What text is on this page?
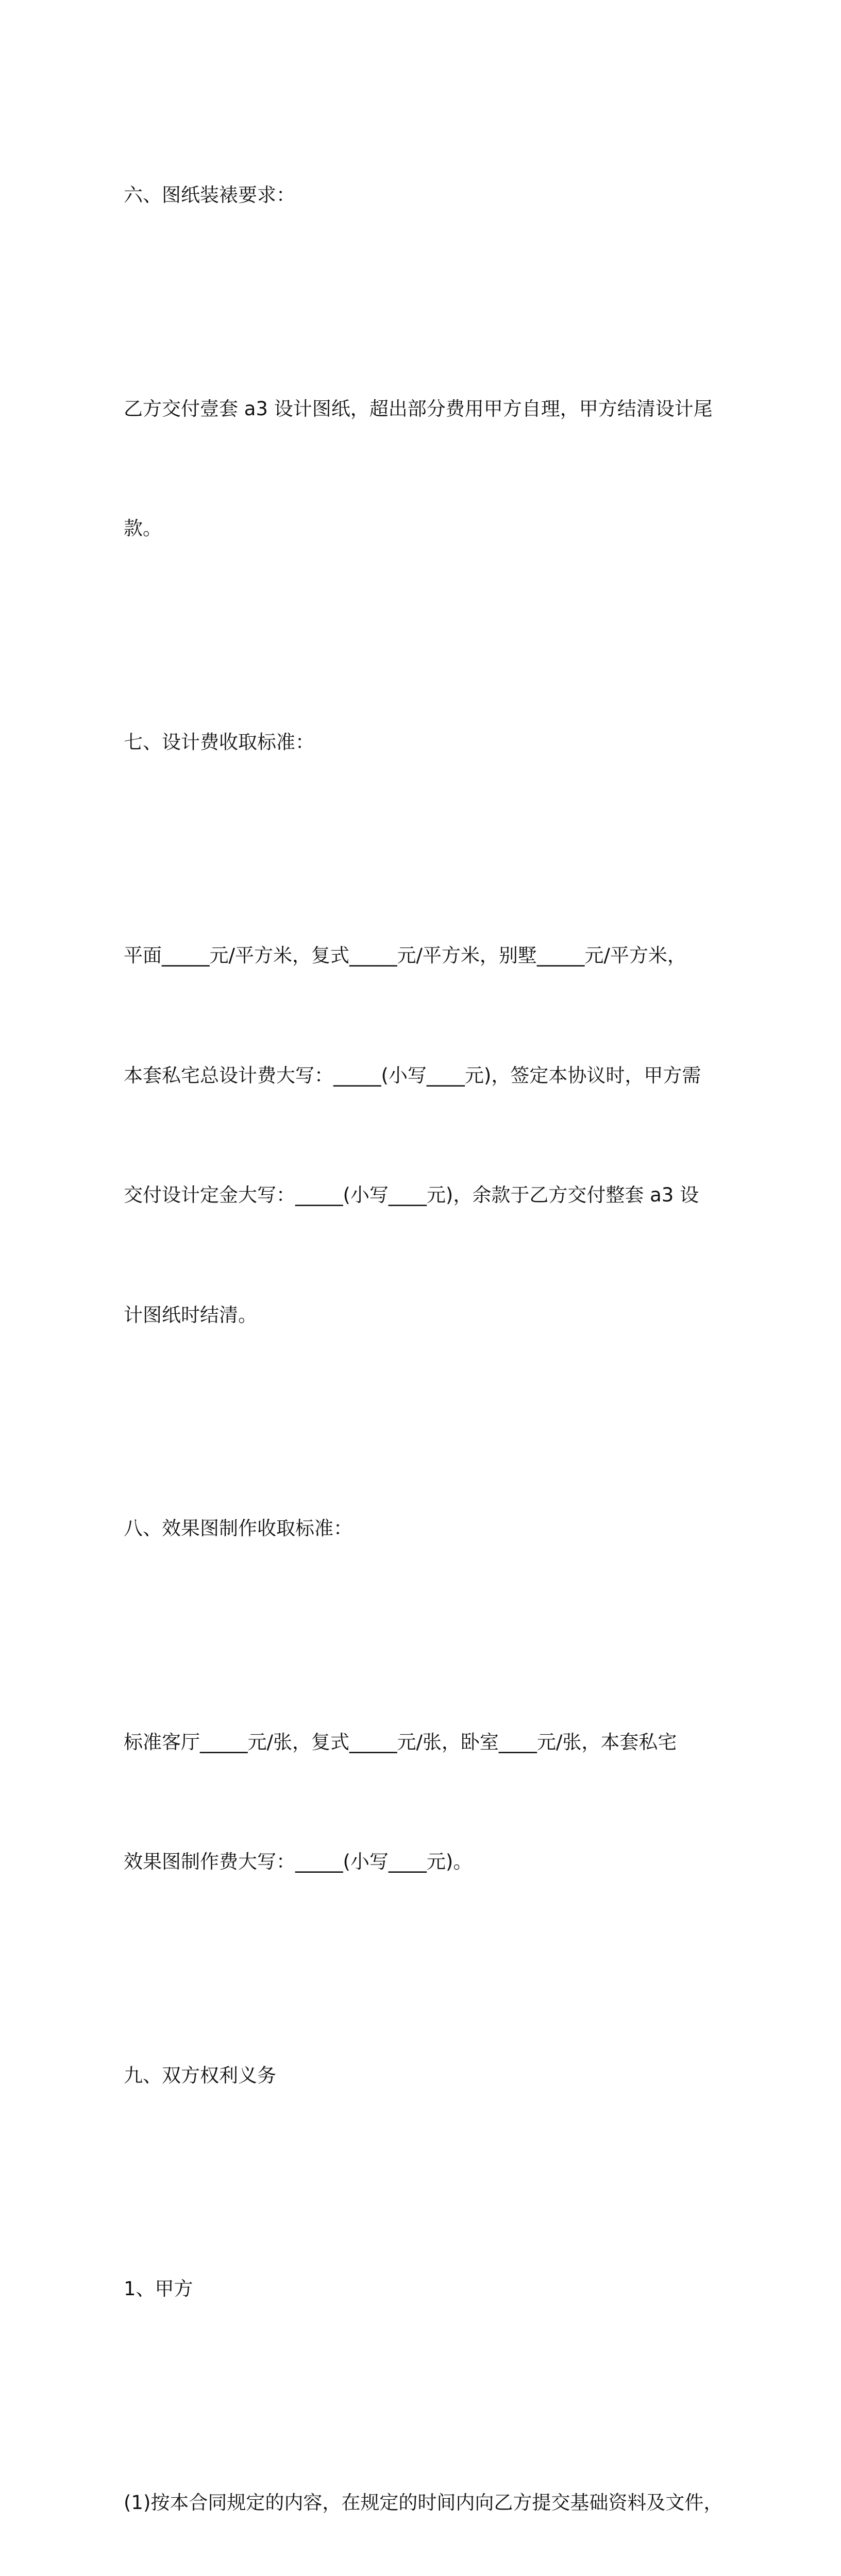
六、图纸装裱要求：

乙方交付壹套 a3 设计图纸，超出部分费用甲方自理，甲方结清设计尾

款。

七、设计费收取标准：

平面_____元/平方米，复式_____元/平方米，别墅_____元/平方米，

本套私宅总设计费大写：_____(小写____元)，签定本协议时，甲方需

交付设计定金大写：_____(小写____元)，余款于乙方交付整套 a3 设

计图纸时结清。

八、效果图制作收取标准：

标准客厅_____元/张，复式_____元/张，卧室____元/张，本套私宅

效果图制作费大写：_____(小写____元)。

九、双方权利义务

1、甲方

(1)按本合同规定的内容，在规定的时间内向乙方提交基础资料及文件，
